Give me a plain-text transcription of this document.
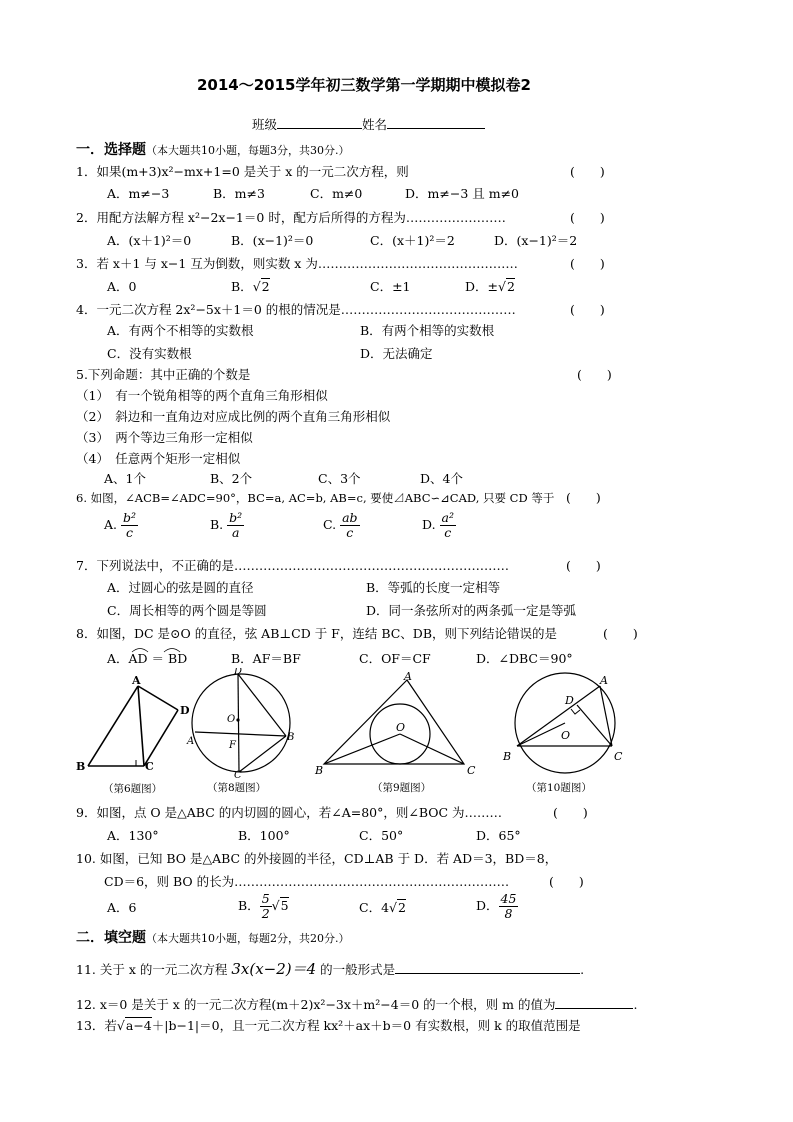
2014～2015学年初三数学第一学期期中模拟卷2
班级	姓名
一．选择题（本大题共10小题，每题3分，共30分.）
1．如果(m+3)x²−mx+1=0 是关于 x 的一元二次方程，则	(　　)
A．m≠−3	B．m≠3	C．m≠0	D．m≠−3 且 m≠0
2．用配方法解方程 x²−2x−1＝0 时，配方后所得的方程为……………………	(　　)
A．(x＋1)²＝0	B．(x−1)²＝0	C．(x＋1)²＝2	D．(x−1)²＝2
3．若 x＋1 与 x−1 互为倒数，则实数 x 为…………………………………………	(　　)
A．0	B．√2	C．±1	D．±√2
4．一元二次方程 2x²−5x＋1＝0 的根的情况是……………………………………	(　　)
A．有两个不相等的实数根	B．有两个相等的实数根
C．没有实数根	D．无法确定
5.下列命题：其中正确的个数是	(　　)
（1）　有一个锐角相等的两个直角三角形相似
（2）　斜边和一直角边对应成比例的两个直角三角形相似
（3）　两个等边三角形一定相似
（4）　任意两个矩形一定相似
A、1个	B、2个	C、3个	D、4个
6. 如图，∠ACB=∠ADC=90°，BC=a, AC=b, AB=c, 要使⊿ABC∽⊿CAD, 只要 CD 等于 (　　)
A. $\frac{\text{b²}}{c}$	B. $\frac{\text{b²}}{a}$	C. $\frac{ab}{c}$	D. $\frac{\text{a²}}{c}$
7．下列说法中，不正确的是…………………………………………………………	(　　)
A．过圆心的弦是圆的直径	B．等弧的长度一定相等
C．周长相等的两个圆是等圆	D．同一条弦所对的两条弧一定是等弧
8．如图，DC 是⊙O 的直径，弦 AB⊥CD 于 F，连结 BC、DB，则下列结论错误的是	(　　)
A．AD ＝ BD	B．AF＝BF	C．OF＝CF	D．∠DBC＝90°
A
D
B	C
（第6题图）
D
O
A	F
B
C
（第8题图）
A
O
B	C
（第9题图）
A
D
O
B	C
（第10题图）
9．如图，点 O 是△ABC 的内切圆的圆心，若∠A=80°，则∠BOC 为………	(　　)
A．130°	B．100°	C．50°	D．65°
10. 如图，已知 BO 是△ABC 的外接圆的半径，CD⊥AB 于 D．若 AD＝3，BD＝8，
CD＝6，则 BO 的长为…………………………………………………………	(　　)
A．6	B． $\frac{5}{2} √5$	C．4√2	D． $\frac{45}{8}$
二．填空题（本大题共10小题，每题2分，共20分.）
11. 关于 x 的一元二次方程 3x(x−2)＝4 的一般形式是	.
12. x＝0 是关于 x 的一元二次方程(m＋2)x²−3x＋m²−4＝0 的一个根，则 m 的值为	.
13．若√a−4＋|b−1|＝0，且一元二次方程 kx²＋ax＋b＝0 有实数根，则 k 的取值范围是
